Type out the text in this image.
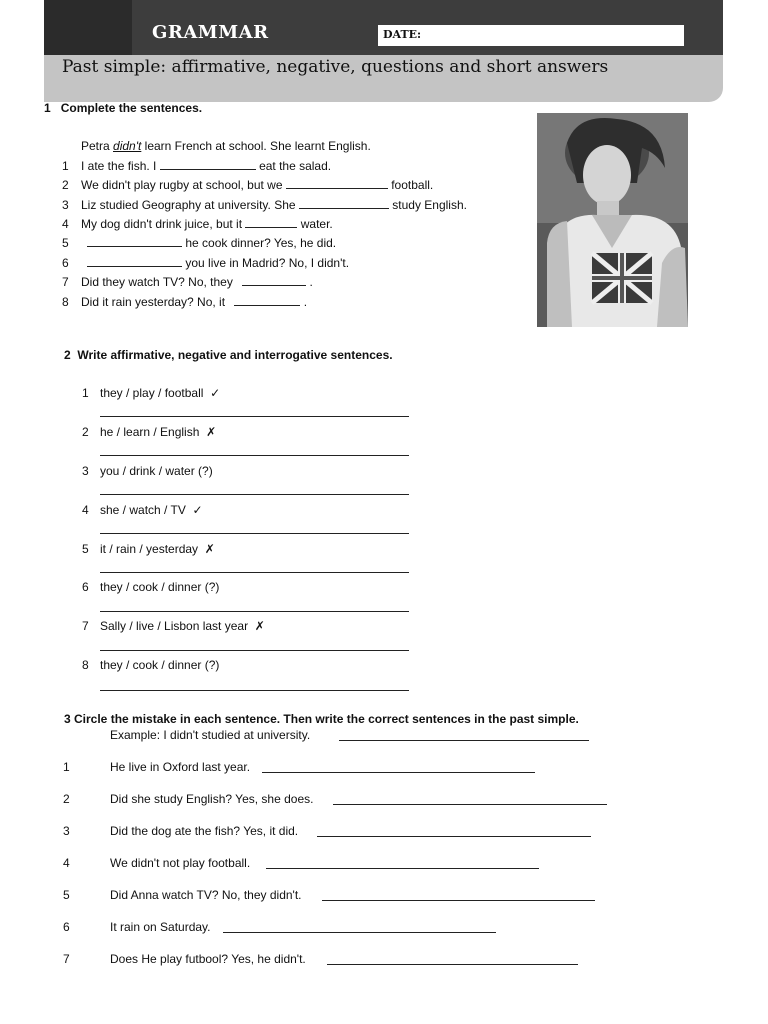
GRAMMAR	DATE:
Past simple: affirmative, negative, questions and short answers
1 Complete the sentences.
Petra didn't learn French at school. She learnt English.
1 I ate the fish. I	eat the salad.
2 We didn't play rugby at school, but we	football.
3 Liz studied Geography at university. She	study English.
4 My dog didn't drink juice, but it	water.
5	he cook dinner? Yes, he did.
6	you live in Madrid? No, I didn't.
7 Did they watch TV? No, they	.
8 Did it rain yesterday? No, it	.
2 Write affirmative, negative and interrogative sentences.
1 they / play / football ✓
2 he / learn / English ✗
3 you / drink / water (?)
4 she / watch / TV ✓
5 it / rain / yesterday ✗
6 they / cook / dinner (?)
7 Sally / live / Lisbon last year ✗
8 they / cook / dinner (?)
3 Circle the mistake in each sentence. Then write the correct sentences in the past simple.
Example: I didn't studied at university.
1	He live in Oxford last year.
2	Did she study English? Yes, she does.
3	Did the dog ate the fish? Yes, it did.
4	We didn't not play football.
5	Did Anna watch TV? No, they didn't.
6	It rain on Saturday.
7	Does He play futbool? Yes, he didn't.
